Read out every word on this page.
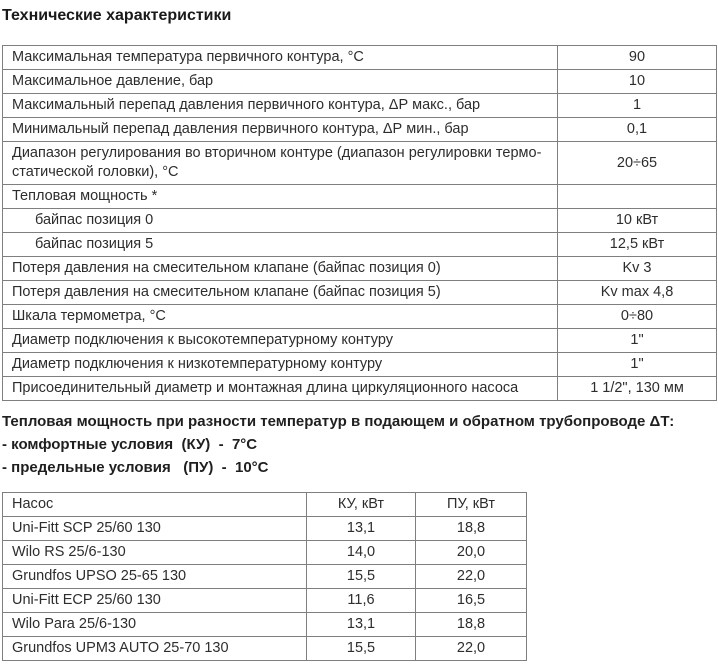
Технические характеристики
Максимальная температура первичного контура, °С	90
Максимальное давление, бар	10
Максимальный перепад давления первичного контура, ΔР макс., бар	1
Минимальный перепад давления первичного контура, ΔР мин., бар	0,1
Диапазон регулирования во вторичном контуре (диапазон регулировки термо-статической головки), °С	20÷65
Тепловая мощность *	
байпас позиция 0	10 кВт
байпас позиция 5	12,5 кВт
Потеря давления на смесительном клапане (байпас позиция 0)	Kv 3
Потеря давления на смесительном клапане (байпас позиция 5)	Kv max 4,8
Шкала термометра, °С	0÷80
Диаметр подключения к высокотемпературному контуру	1"
Диаметр подключения к низкотемпературному контуру	1"
Присоединительный диаметр и монтажная длина циркуляционного насоса	1 1/2", 130 мм
Тепловая мощность при разности температур в подающем и обратном трубопроводе ΔТ:
- комфортные условия  (КУ)  -  7°С
- предельные условия   (ПУ)  -  10°С
Насос	КУ, кВт	ПУ, кВт
Uni-Fitt SCP 25/60 130	13,1	18,8
Wilo RS 25/6-130	14,0	20,0
Grundfos UPSO 25-65 130	15,5	22,0
Uni-Fitt ECP 25/60 130	11,6	16,5
Wilo Para 25/6-130	13,1	18,8
Grundfos UPM3 AUTO 25-70 130	15,5	22,0
